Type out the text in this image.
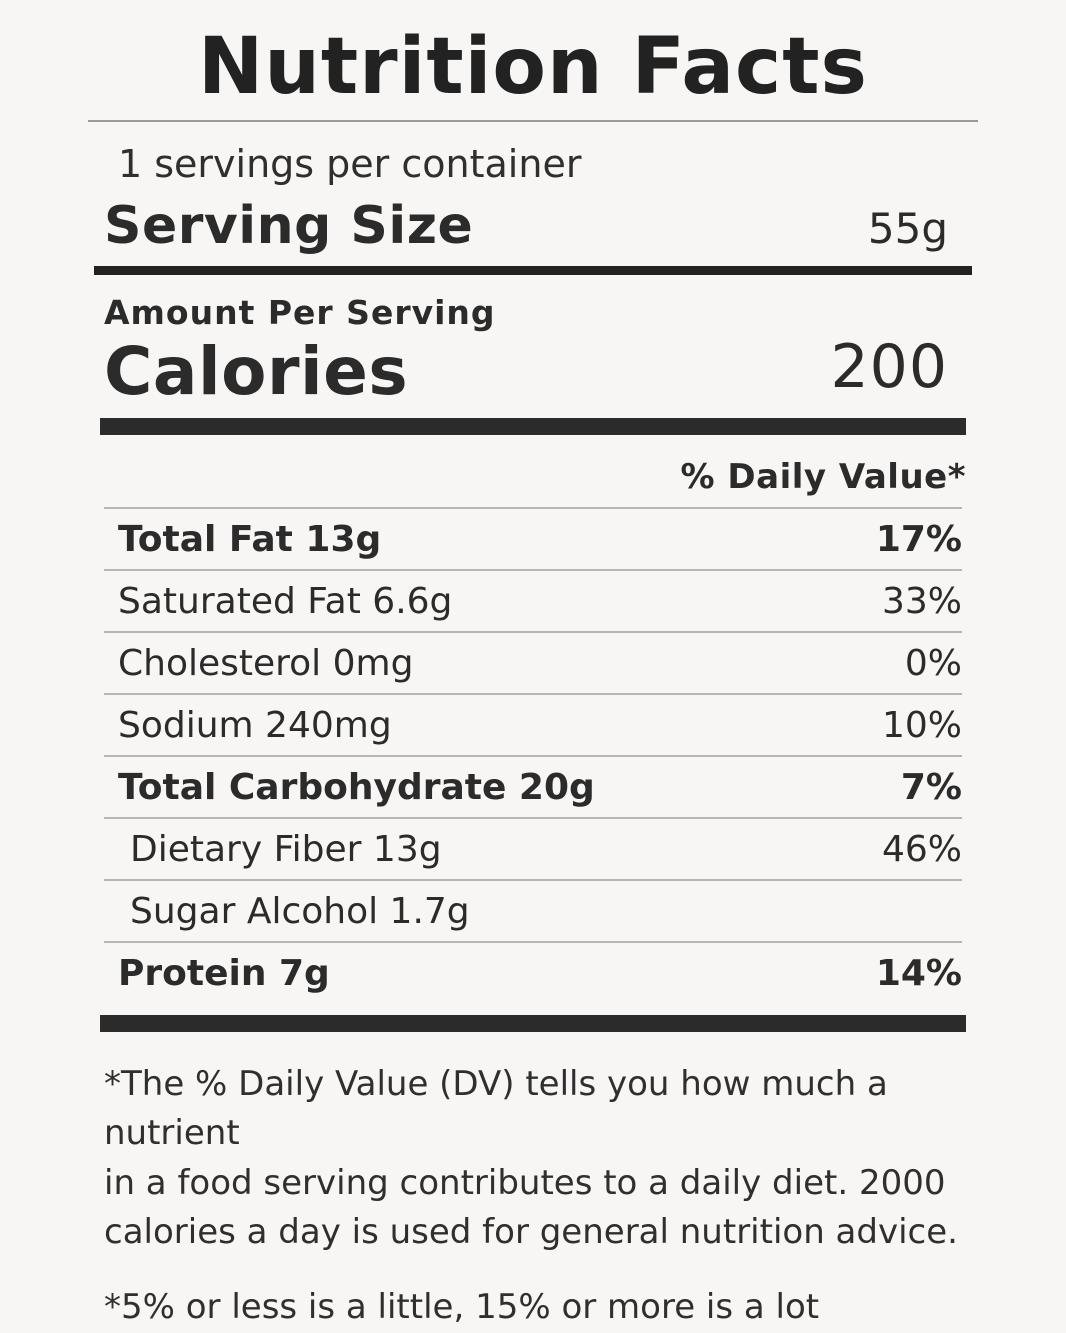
Nutrition Facts
1 servings per container
Serving Size	55g
Amount Per Serving
Calories	200
% Daily Value*
Total Fat 13g	17%
Saturated Fat 6.6g	33%
Cholesterol 0mg	0%
Sodium 240mg	10%
Total Carbohydrate 20g	7%
Dietary Fiber 13g	46%
Sugar Alcohol 1.7g
Protein 7g	14%

*The % Daily Value (DV) tells you how much a nutrient

in a food serving contributes to a daily diet. 2000 calories a day is used for general nutrition advice.

*5% or less is a little, 15% or more is a lot
